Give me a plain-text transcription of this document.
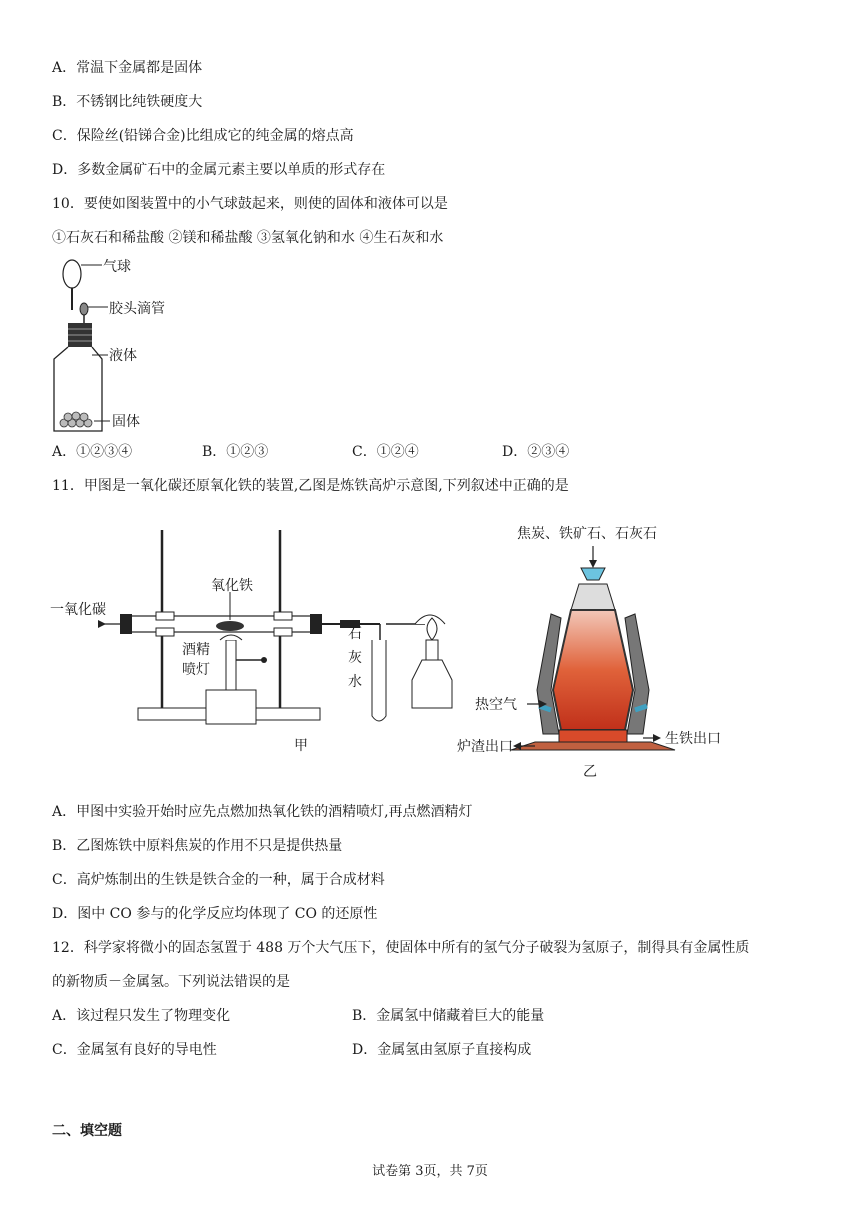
A．常温下金属都是固体
B．不锈钢比纯铁硬度大
C．保险丝(铅锑合金)比组成它的纯金属的熔点高
D．多数金属矿石中的金属元素主要以单质的形式存在
10．要使如图装置中的小气球鼓起来，则使的固体和液体可以是
①石灰石和稀盐酸 ②镁和稀盐酸 ③氢氧化钠和水 ④生石灰和水
气球
胶头滴管
液体
固体
A．①②③④	B．①②③	C．①②④	D．②③④
11．甲图是一氧化碳还原氧化铁的装置,乙图是炼铁高炉示意图,下列叙述中正确的是
氧化铁
一氧化碳
酒精
喷灯
石
灰
水
甲
焦炭、铁矿石、石灰石
热空气
生铁出口
炉渣出口
乙
A．甲图中实验开始时应先点燃加热氧化铁的酒精喷灯,再点燃酒精灯
B．乙图炼铁中原料焦炭的作用不只是提供热量
C．高炉炼制出的生铁是铁合金的一种，属于合成材料
D．图中 CO 参与的化学反应均体现了 CO 的还原性
12．科学家将微小的固态氢置于 488 万个大气压下，使固体中所有的氢气分子破裂为氢原子，制得具有金属性质
的新物质－金属氢。下列说法错误的是
A．该过程只发生了物理变化	B．金属氢中储藏着巨大的能量
C．金属氢有良好的导电性	D．金属氢由氢原子直接构成
二、填空题
试卷第 3页，共 7页
